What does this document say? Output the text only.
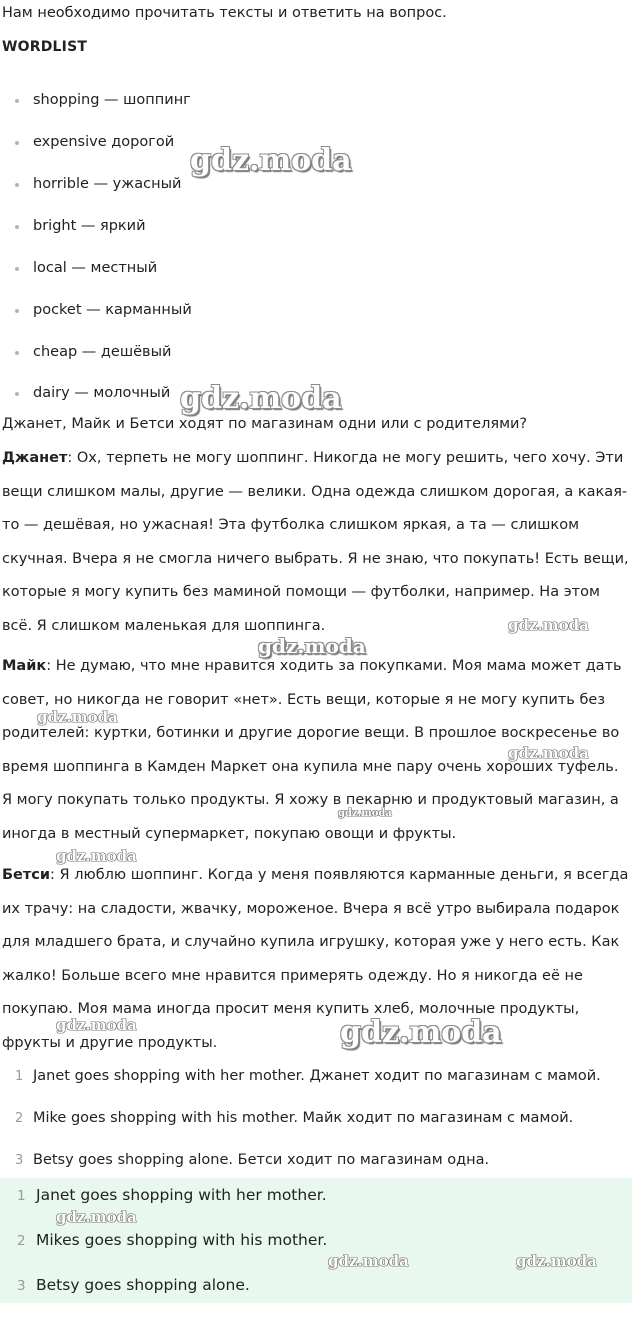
Нам необходимо прочитать тексты и ответить на вопрос.
WORDLIST
shopping — шоппинг
expensive дорогой
horrible — ужасный
bright — яркий
local — местный
pocket — карманный
cheap — дешёвый
dairy — молочный
Джанет, Майк и Бетси ходят по магазинам одни или с родителями?
Джанет: Ох, терпеть не могу шоппинг. Никогда не могу решить, чего хочу. Эти вещи слишком малы, другие — велики. Одна одежда слишком дорогая, а какая-то — дешёвая, но ужасная! Эта футболка слишком яркая, а та — слишком скучная. Вчера я не смогла ничего выбрать. Я не знаю, что покупать! Есть вещи, которые я могу купить без маминой помощи — футболки, например. На этом всё. Я слишком маленькая для шоппинга.
Майк: Не думаю, что мне нравится ходить за покупками. Моя мама может дать совет, но никогда не говорит «нет». Есть вещи, которые я не могу купить без родителей: куртки, ботинки и другие дорогие вещи. В прошлое воскресенье во время шоппинга в Камден Маркет она купила мне пару очень хороших туфель. Я могу покупать только продукты. Я хожу в пекарню и продуктовый магазин, а иногда в местный супермаркет, покупаю овощи и фрукты.
Бетси: Я люблю шоппинг. Когда у меня появляются карманные деньги, я всегда их трачу: на сладости, жвачку, мороженое. Вчера я всё утро выбирала подарок для младшего брата, и случайно купила игрушку, которая уже у него есть. Как жалко! Больше всего мне нравится примерять одежду. Но я никогда её не покупаю. Моя мама иногда просит меня купить хлеб, молочные продукты, фрукты и другие продукты.
1 Janet goes shopping with her mother. Джанет ходит по магазинам с мамой.
2 Mike goes shopping with his mother. Майк ходит по магазинам с мамой.
3 Betsy goes shopping alone. Бетси ходит по магазинам одна.
1 Janet goes shopping with her mother.
2 Mikes goes shopping with his mother.
3 Betsy goes shopping alone.
gdz.moda
gdz.moda
gdz.moda
gdz.moda
gdz.moda
gdz.moda
gdz.moda
gdz.moda
gdz.moda	gdz.moda
gdz.moda
gdz.moda	gdz.moda
